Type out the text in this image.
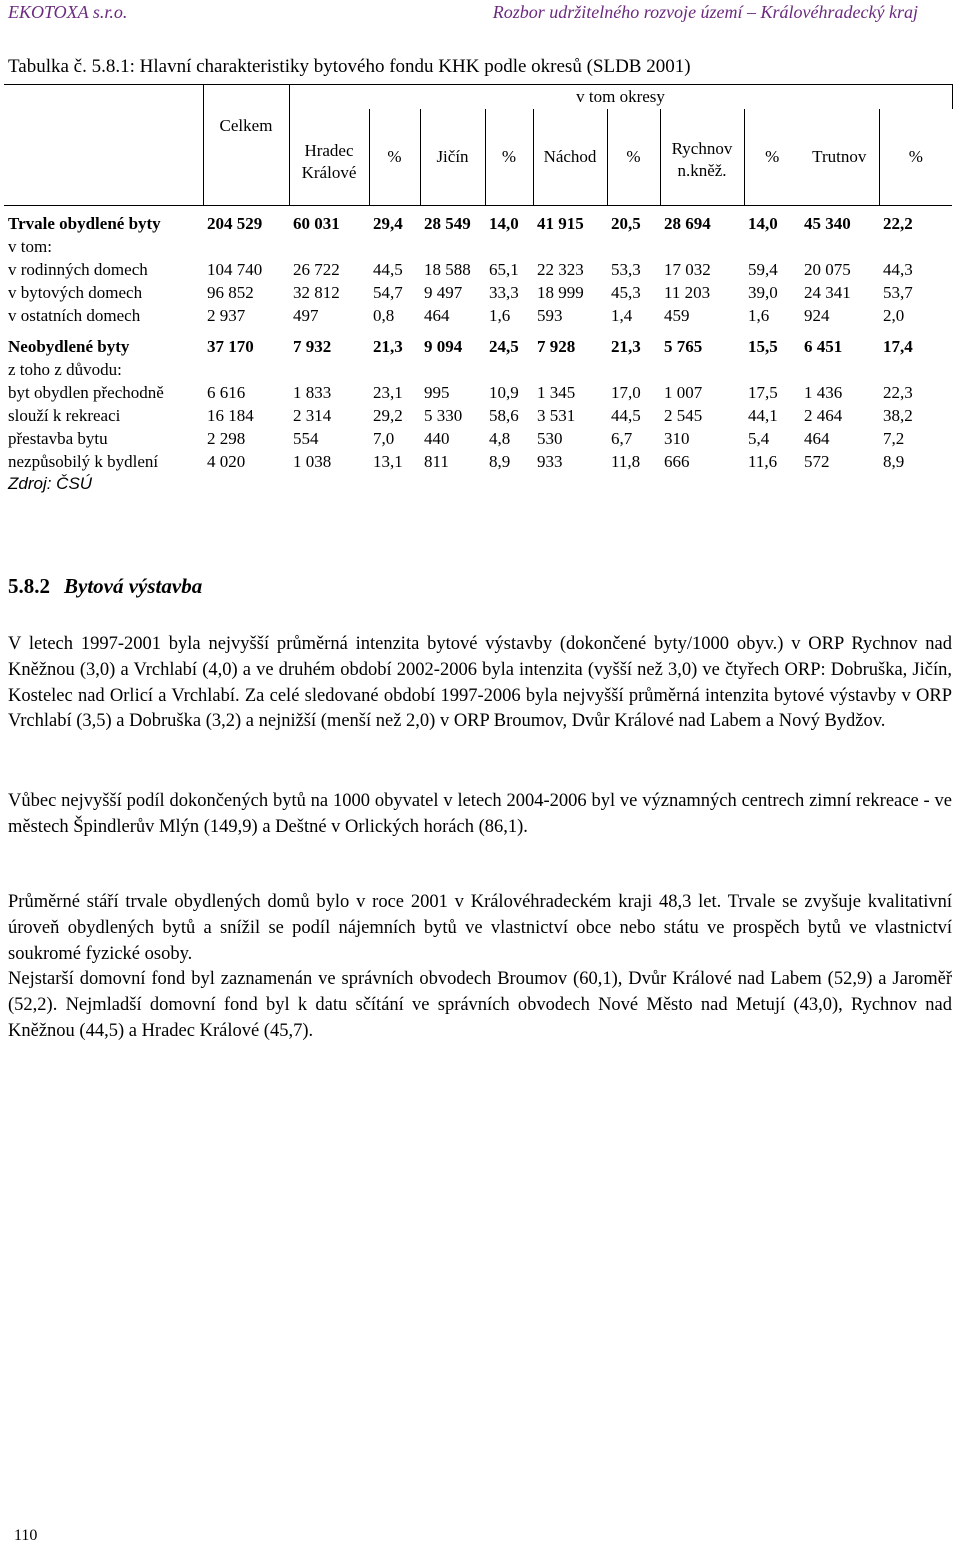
EKOTOXA s.r.o.	Rozbor udržitelného rozvoje území – Královéhradecký kraj
Tabulka č. 5.8.1: Hlavní charakteristiky bytového fondu KHK podle okresů (SLDB 2001)
	Celkem	v tom okresy									
		Hradec
Králové	%	Jičín	%	Náchod	%	Rychnov
n.kněž.	%	Trutnov	%

Trvale obydlené byty	204 529	60 031	29,4	28 549	14,0	41 915	20,5	28 694	14,0	45 340	22,2
v tom:											
v rodinných domech	104 740	26 722	44,5	18 588	65,1	22 323	53,3	17 032	59,4	20 075	44,3
v bytových domech	96 852	32 812	54,7	9 497	33,3	18 999	45,3	11 203	39,0	24 341	53,7
v ostatních domech	2 937	497	0,8	464	1,6	593	1,4	459	1,6	924	2,0

Neobydlené byty	37 170	7 932	21,3	9 094	24,5	7 928	21,3	5 765	15,5	6 451	17,4
z toho z důvodu:											
byt obydlen přechodně	6 616	1 833	23,1	995	10,9	1 345	17,0	1 007	17,5	1 436	22,3
slouží k rekreaci	16 184	2 314	29,2	5 330	58,6	3 531	44,5	2 545	44,1	2 464	38,2
přestavba bytu	2 298	554	7,0	440	4,8	530	6,7	310	5,4	464	7,2
nezpůsobilý k bydlení	4 020	1 038	13,1	811	8,9	933	11,8	666	11,6	572	8,9
Zdroj: ČSÚ
5.8.2 Bytová výstavba
V letech 1997-2001 byla nejvyšší průměrná intenzita bytové výstavby (dokončené byty/1000 obyv.) v ORP Rychnov nad Kněžnou (3,0) a Vrchlabí (4,0) a ve druhém období 2002-2006 byla intenzita (vyšší než 3,0) ve čtyřech ORP: Dobruška, Jičín, Kostelec nad Orlicí a Vrchlabí. Za celé sledované období 1997-2006 byla nejvyšší průměrná intenzita bytové výstavby v ORP Vrchlabí (3,5) a Dobruška (3,2) a nejnižší (menší než 2,0) v ORP Broumov, Dvůr Králové nad Labem a Nový Bydžov.
Vůbec nejvyšší podíl dokončených bytů na 1000 obyvatel v letech 2004-2006 byl ve významných centrech zimní rekreace - ve městech Špindlerův Mlýn (149,9) a Deštné v Orlických horách (86,1).
Průměrné stáří trvale obydlených domů bylo v roce 2001 v Královéhradeckém kraji 48,3 let. Trvale se zvyšuje kvalitativní úroveň obydlených bytů a snížil se podíl nájemních bytů ve vlastnictví obce nebo státu ve prospěch bytů ve vlastnictví soukromé fyzické osoby.
Nejstarší domovní fond byl zaznamenán ve správních obvodech Broumov (60,1), Dvůr Králové nad Labem (52,9) a Jaroměř (52,2). Nejmladší domovní fond byl k datu sčítání ve správních obvodech Nové Město nad Metují (43,0), Rychnov nad Kněžnou (44,5) a Hradec Králové (45,7).
110
